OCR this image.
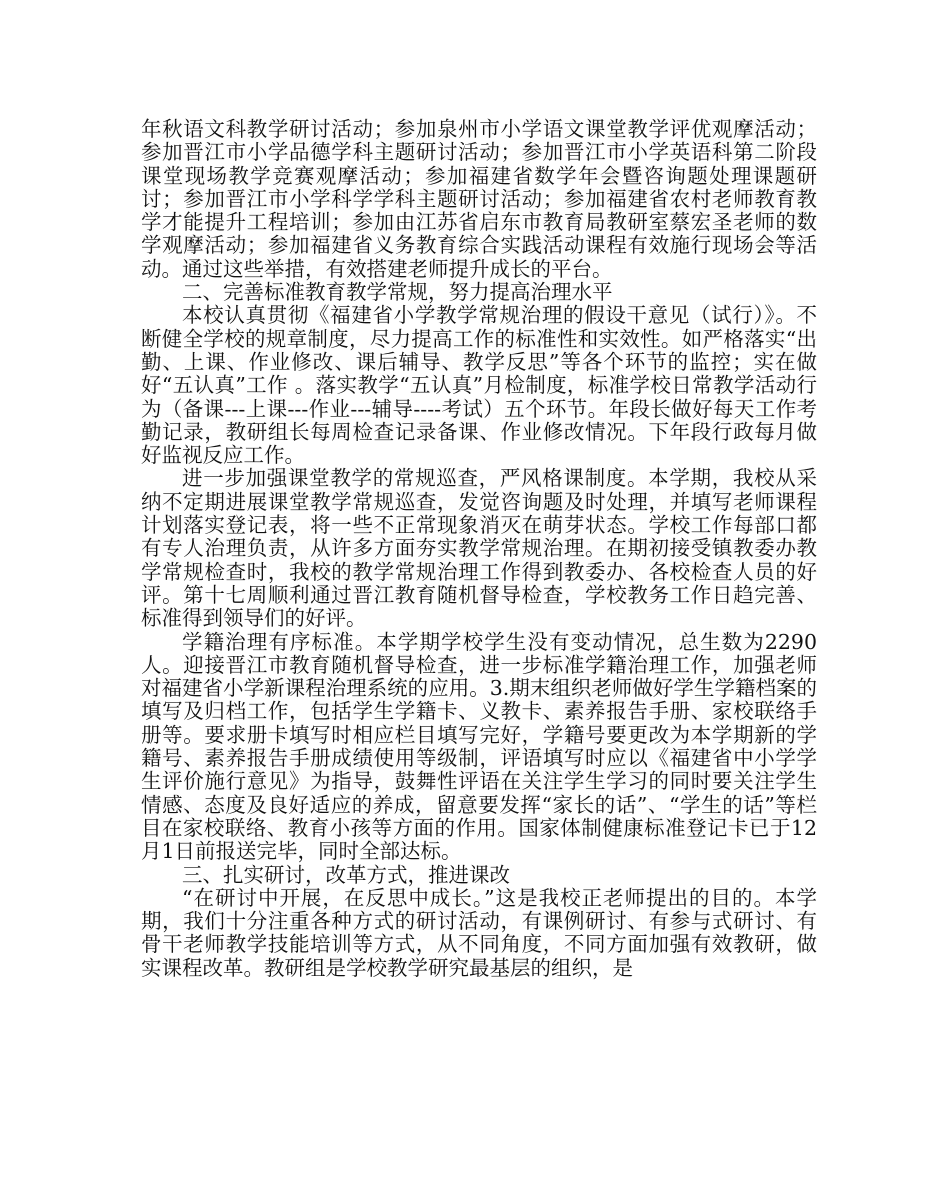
年秋语文科教学研讨活动；参加泉州市小学语文课堂教学评优观摩活动；参加晋江市小学品德学科主题研讨活动；参加晋江市小学英语科第二阶段课堂现场教学竞赛观摩活动；参加福建省数学年会暨咨询题处理课题研讨；参加晋江市小学科学学科主题研讨活动；参加福建省农村老师教育教学才能提升工程培训；参加由江苏省启东市教育局教研室蔡宏圣老师的数学观摩活动；参加福建省义务教育综合实践活动课程有效施行现场会等活动。通过这些举措，有效搭建老师提升成长的平台。

二、完善标准教育教学常规，努力提高治理水平

本校认真贯彻《福建省小学教学常规治理的假设干意见（试行）》。不断健全学校的规章制度，尽力提高工作的标准性和实效性。如严格落实“出勤、上课、作业修改、课后辅导、教学反思”等各个环节的监控；实在做好“五认真”工作 。落实教学“五认真”月检制度，标准学校日常教学活动行为（备课---上课---作业---辅导----考试）五个环节。年段长做好每天工作考勤记录，教研组长每周检查记录备课、作业修改情况。下年段行政每月做好监视反应工作。

进一步加强课堂教学的常规巡查，严风格课制度。本学期，我校从采纳不定期进展课堂教学常规巡查，发觉咨询题及时处理，并填写老师课程计划落实登记表，将一些不正常现象消灭在萌芽状态。学校工作每部口都有专人治理负责，从许多方面夯实教学常规治理。在期初接受镇教委办教学常规检查时，我校的教学常规治理工作得到教委办、各校检查人员的好评。第十七周顺利通过晋江教育随机督导检查，学校教务工作日趋完善、标准得到领导们的好评。

学籍治理有序标准。本学期学校学生没有变动情况，总生数为2290人。迎接晋江市教育随机督导检查，进一步标准学籍治理工作，加强老师对福建省小学新课程治理系统的应用。3.期末组织老师做好学生学籍档案的填写及归档工作，包括学生学籍卡、义教卡、素养报告手册、家校联络手册等。要求册卡填写时相应栏目填写完好，学籍号要更改为本学期新的学籍号、素养报告手册成绩使用等级制，评语填写时应以《福建省中小学学生评价施行意见》为指导，鼓舞性评语在关注学生学习的同时要关注学生情感、态度及良好适应的养成，留意要发挥“家长的话”、“学生的话”等栏目在家校联络、教育小孩等方面的作用。国家体制健康标准登记卡已于12月1日前报送完毕，同时全部达标。

三、扎实研讨，改革方式，推进课改

“在研讨中开展，在反思中成长。”这是我校正老师提出的目的。本学期，我们十分注重各种方式的研讨活动，有课例研讨、有参与式研讨、有骨干老师教学技能培训等方式，从不同角度，不同方面加强有效教研，做实课程改革。教研组是学校教学研究最基层的组织，是
